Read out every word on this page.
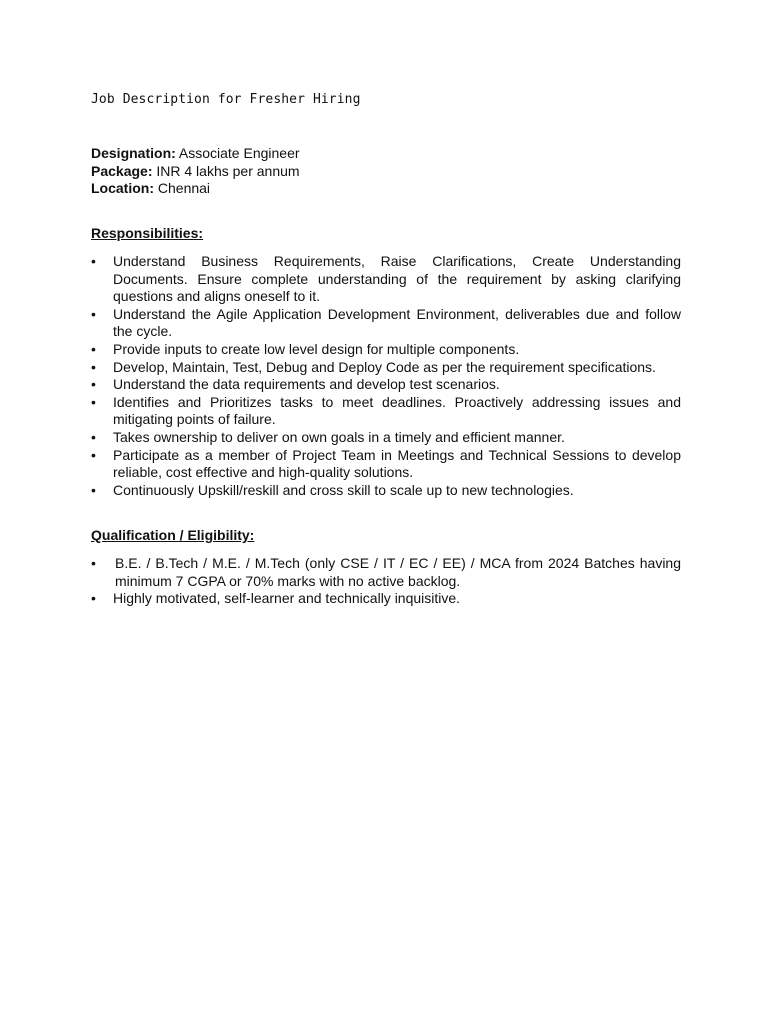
Job Description for Fresher Hiring

Designation: Associate Engineer

Package: INR 4 lakhs per annum

Location: Chennai

Responsibilities:
•	Understand Business Requirements, Raise Clarifications, Create Understanding Documents. Ensure complete understanding of the requirement by asking clarifying questions and aligns oneself to it.
•	Understand the Agile Application Development Environment, deliverables due and follow the cycle.
•	Provide inputs to create low level design for multiple components.
•	Develop, Maintain, Test, Debug and Deploy Code as per the requirement specifications.
•	Understand the data requirements and develop test scenarios.
•	Identifies and Prioritizes tasks to meet deadlines. Proactively addressing issues and mitigating points of failure.
•	Takes ownership to deliver on own goals in a timely and efficient manner.
•	Participate as a member of Project Team in Meetings and Technical Sessions to develop reliable, cost effective and high-quality solutions.
•	Continuously Upskill/reskill and cross skill to scale up to new technologies.
Qualification / Eligibility:
•	B.E. / B.Tech / M.E. / M.Tech (only CSE / IT / EC / EE) / MCA from 2024 Batches having minimum 7 CGPA or 70% marks with no active backlog.
•	Highly motivated, self-learner and technically inquisitive.
